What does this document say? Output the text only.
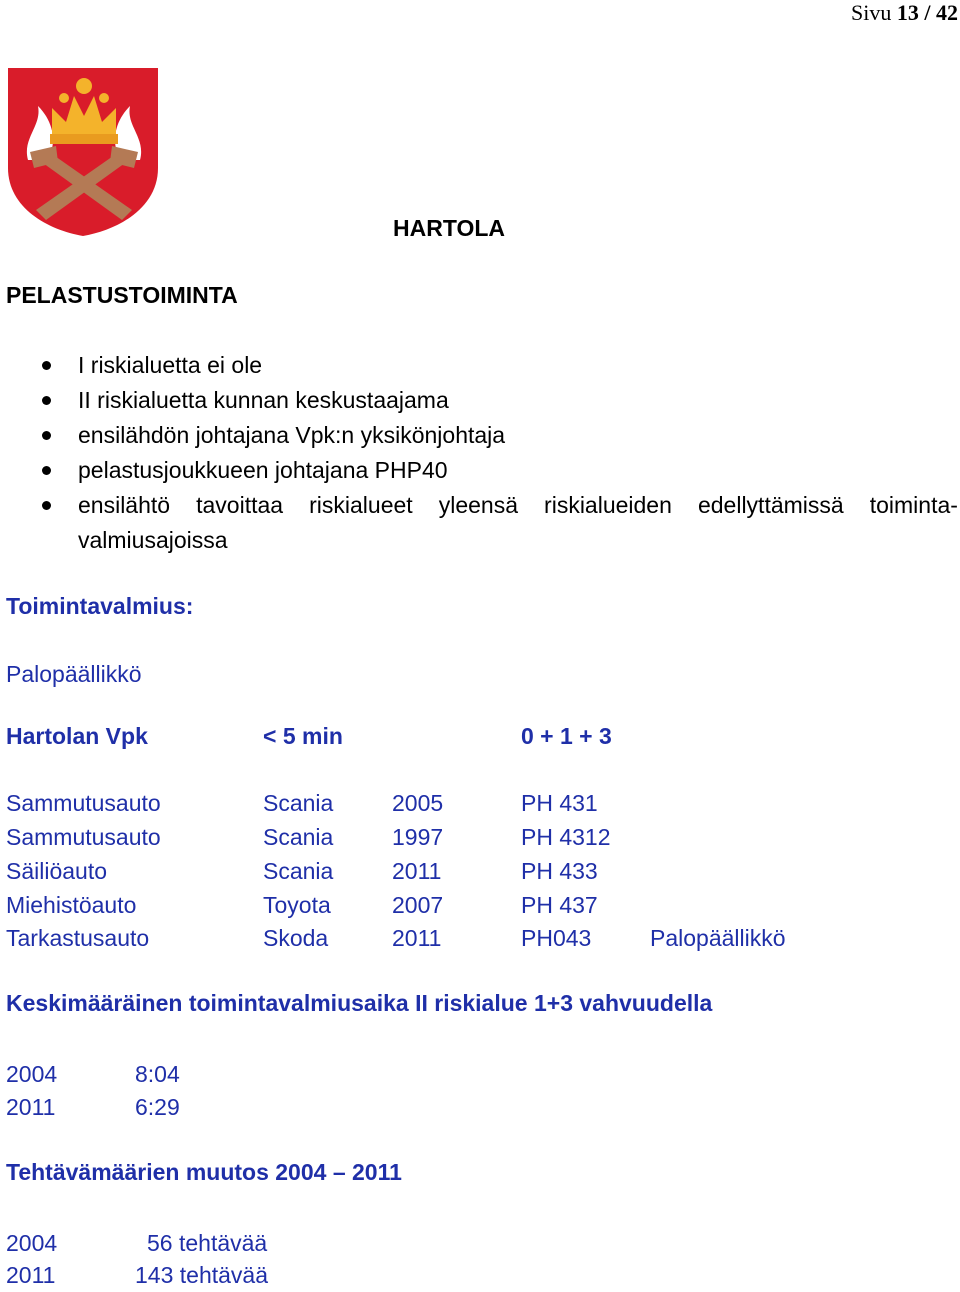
Sivu 13 / 42
HARTOLA
PELASTUSTOIMINTA
I riskialuetta ei ole
II riskialuetta kunnan keskustaajama
ensilähdön johtajana Vpk:n yksikönjohtaja
pelastusjoukkueen johtajana PHP40
ensilähtö tavoittaa riskialueet yleensä riskialueiden edellyttämissä toiminta-
valmiusajoissa
Toimintavalmius:
Palopäällikkö
Hartolan Vpk	< 5 min	0 + 1 + 3
Sammutusauto	Scania	2005	PH 431
Sammutusauto	Scania	1997	PH 4312
Säiliöauto	Scania	2011	PH 433
Miehistöauto	Toyota	2007	PH 437
Tarkastusauto	Skoda	2011	PH043	Palopäällikkö
Keskimääräinen toimintavalmiusaika II riskialue 1+3 vahvuudella
2004	8:04
2011	6:29
Tehtävämäärien muutos 2004 – 2011
2004	56 tehtävää
2011	143 tehtävää
